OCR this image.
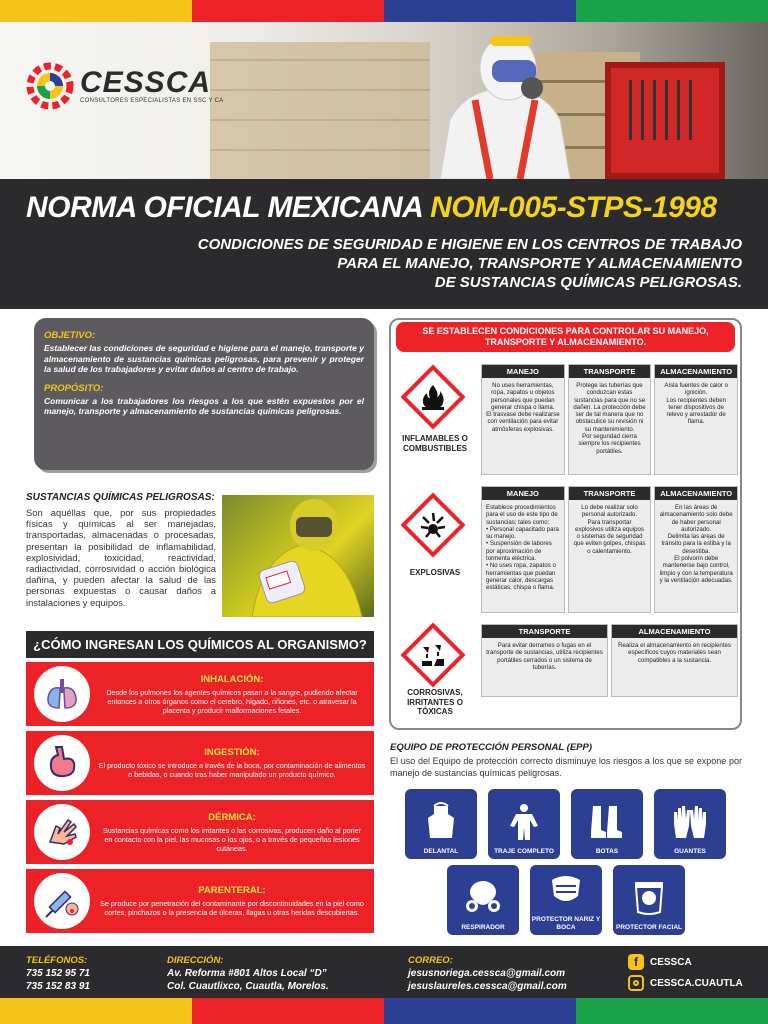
CESSCA
CONSULTORES ESPECIALISTAS EN SSC Y CA
NORMA OFICIAL MEXICANA NOM-005-STPS-1998
CONDICIONES DE SEGURIDAD E HIGIENE EN LOS CENTROS DE TRABAJO
PARA EL MANEJO, TRANSPORTE Y ALMACENAMIENTO
DE SUSTANCIAS QUÍMICAS PELIGROSAS.
OBJETIVO:

Establecer las condiciones de seguridad e higiene para el manejo, transporte y almacenamiento de sustancias químicas peligrosas, para prevenir y proteger la salud de los trabajadores y evitar daños al centro de trabajo.

PROPÓSITO:

Comunicar a los trabajadores los riesgos a los que estén expuestos por el manejo, transporte y almacenamiento de sustancias químicas peligrosas.

SUSTANCIAS QUÍMICAS PELIGROSAS:

Son aquéllas que, por sus propiedades físicas y químicas al ser manejadas, transportadas, almacenadas o procesadas, presentan la posibilidad de inflamabilidad, explosividad, toxicidad, reactividad, radiactividad, corrosividad o acción biológica dañina, y pueden afectar la salud de las personas expuestas o causar daños a instalaciones y equipos.

¿CÓMO INGRESAN LOS QUÍMICOS AL ORGANISMO?
INHALACIÓN:

Desde los pulmones los agentes químicos pasan a la sangre, pudiendo afectar entonces a otros órganos como el cerebro, hígado, riñones, etc. o atravesar la placenta y producir malformaciones fetales.

INGESTIÓN:

El producto tóxico se introduce a través de la boca, por contaminación de alimentos o bebidas, o cuando tras haber manipulado un producto químico.

DÉRMICA:

Sustancias químicas como los irritantes o las corrosivas, producen daño al poner en contacto con la piel, las mucosas o los ojos, o a través de pequeñas lesiones cutáneas.

PARENTERAL:

Se produce por penetración del contaminante por discontinuidades en la piel como cortes, pinchazos o la presencia de úlceras, llagas u otras heridas descubiertas.

SE ESTABLECEN CONDICIONES PARA CONTROLAR SU MANEJO,
TRANSPORTE Y ALMACENAMIENTO.
INFLAMABLES O COMBUSTIBLES
MANEJO
No uses herramientas, ropa, zapatos u objetos personales que puedan generar chispa o llama.
El trasvase debe realizarse con ventilación para evitar atmósferas explosivas.
TRANSPORTE
Protege las tuberías que conduzcan estas sustancias para que no se dañen. La protección debe ser de tal manera que no obstaculice su revisión ni su mantenimiento.
Por seguridad cierra siempre los recipientes portátiles.
ALMACENAMIENTO
Aísla fuentes de calor o ignición.
Los recipientes deben tener dispositivos de relevo y arrestador de flama.
EXPLOSIVAS
MANEJO
Establece procedimientos para el uso de este tipo de sustancias; tales como:
• Personal capacitado para su manejo.
• Suspensión de labores por aproximación de tormenta eléctrica.
• No uses ropa, zapatos o herramientas que puedan generar calor, descargas estáticas, chispa o flama.
TRANSPORTE
Lo debe realizar solo personal autorizado.
Para transportar explosivos utiliza equipos o sistemas de seguridad que eviten golpes, chispas o calentamiento.
ALMACENAMIENTO
En las áreas de almacenamiento solo debe de haber personal autorizado.
Delimita las áreas de tránsito para la estiba y la desestiba.
El polvorín debe mantenerse bajo control, limpio y con la temperatura y la ventilación adecuadas.
CORROSIVAS, IRRITANTES O TÓXICAS
TRANSPORTE
Para evitar derrames o fugas en el transporte de sustancias, utiliza recipientes portátiles cerrados o un sistema de tuberías.
ALMACENAMIENTO
Realiza el almacenamiento en recipientes específicos cuyos materiales sean compatibles a la sustancia.
EQUIPO DE PROTECCIÓN PERSONAL (EPP)
El uso del Equipo de protección correcto disminuye los riesgos a los que se expone por manejo de sustancias químicas peligrosas.
DELANTAL	TRAJE COMPLETO	BOTAS	GUANTES
RESPIRADOR
PROTECTOR NARIZ Y BOCA	PROTECTOR FACIAL
TELÉFONOS:
735 152 95 71
735 152 83 91
DIRECCIÓN:
Av. Reforma #801 Altos Local “D”
Col. Cuautlixco, Cuautla, Morelos.
CORREO:
jesusnoriega.cessca@gmail.com
jesuslaureles.cessca@gmail.com
f	CESSCA
CESSCA.CUAUTLA
